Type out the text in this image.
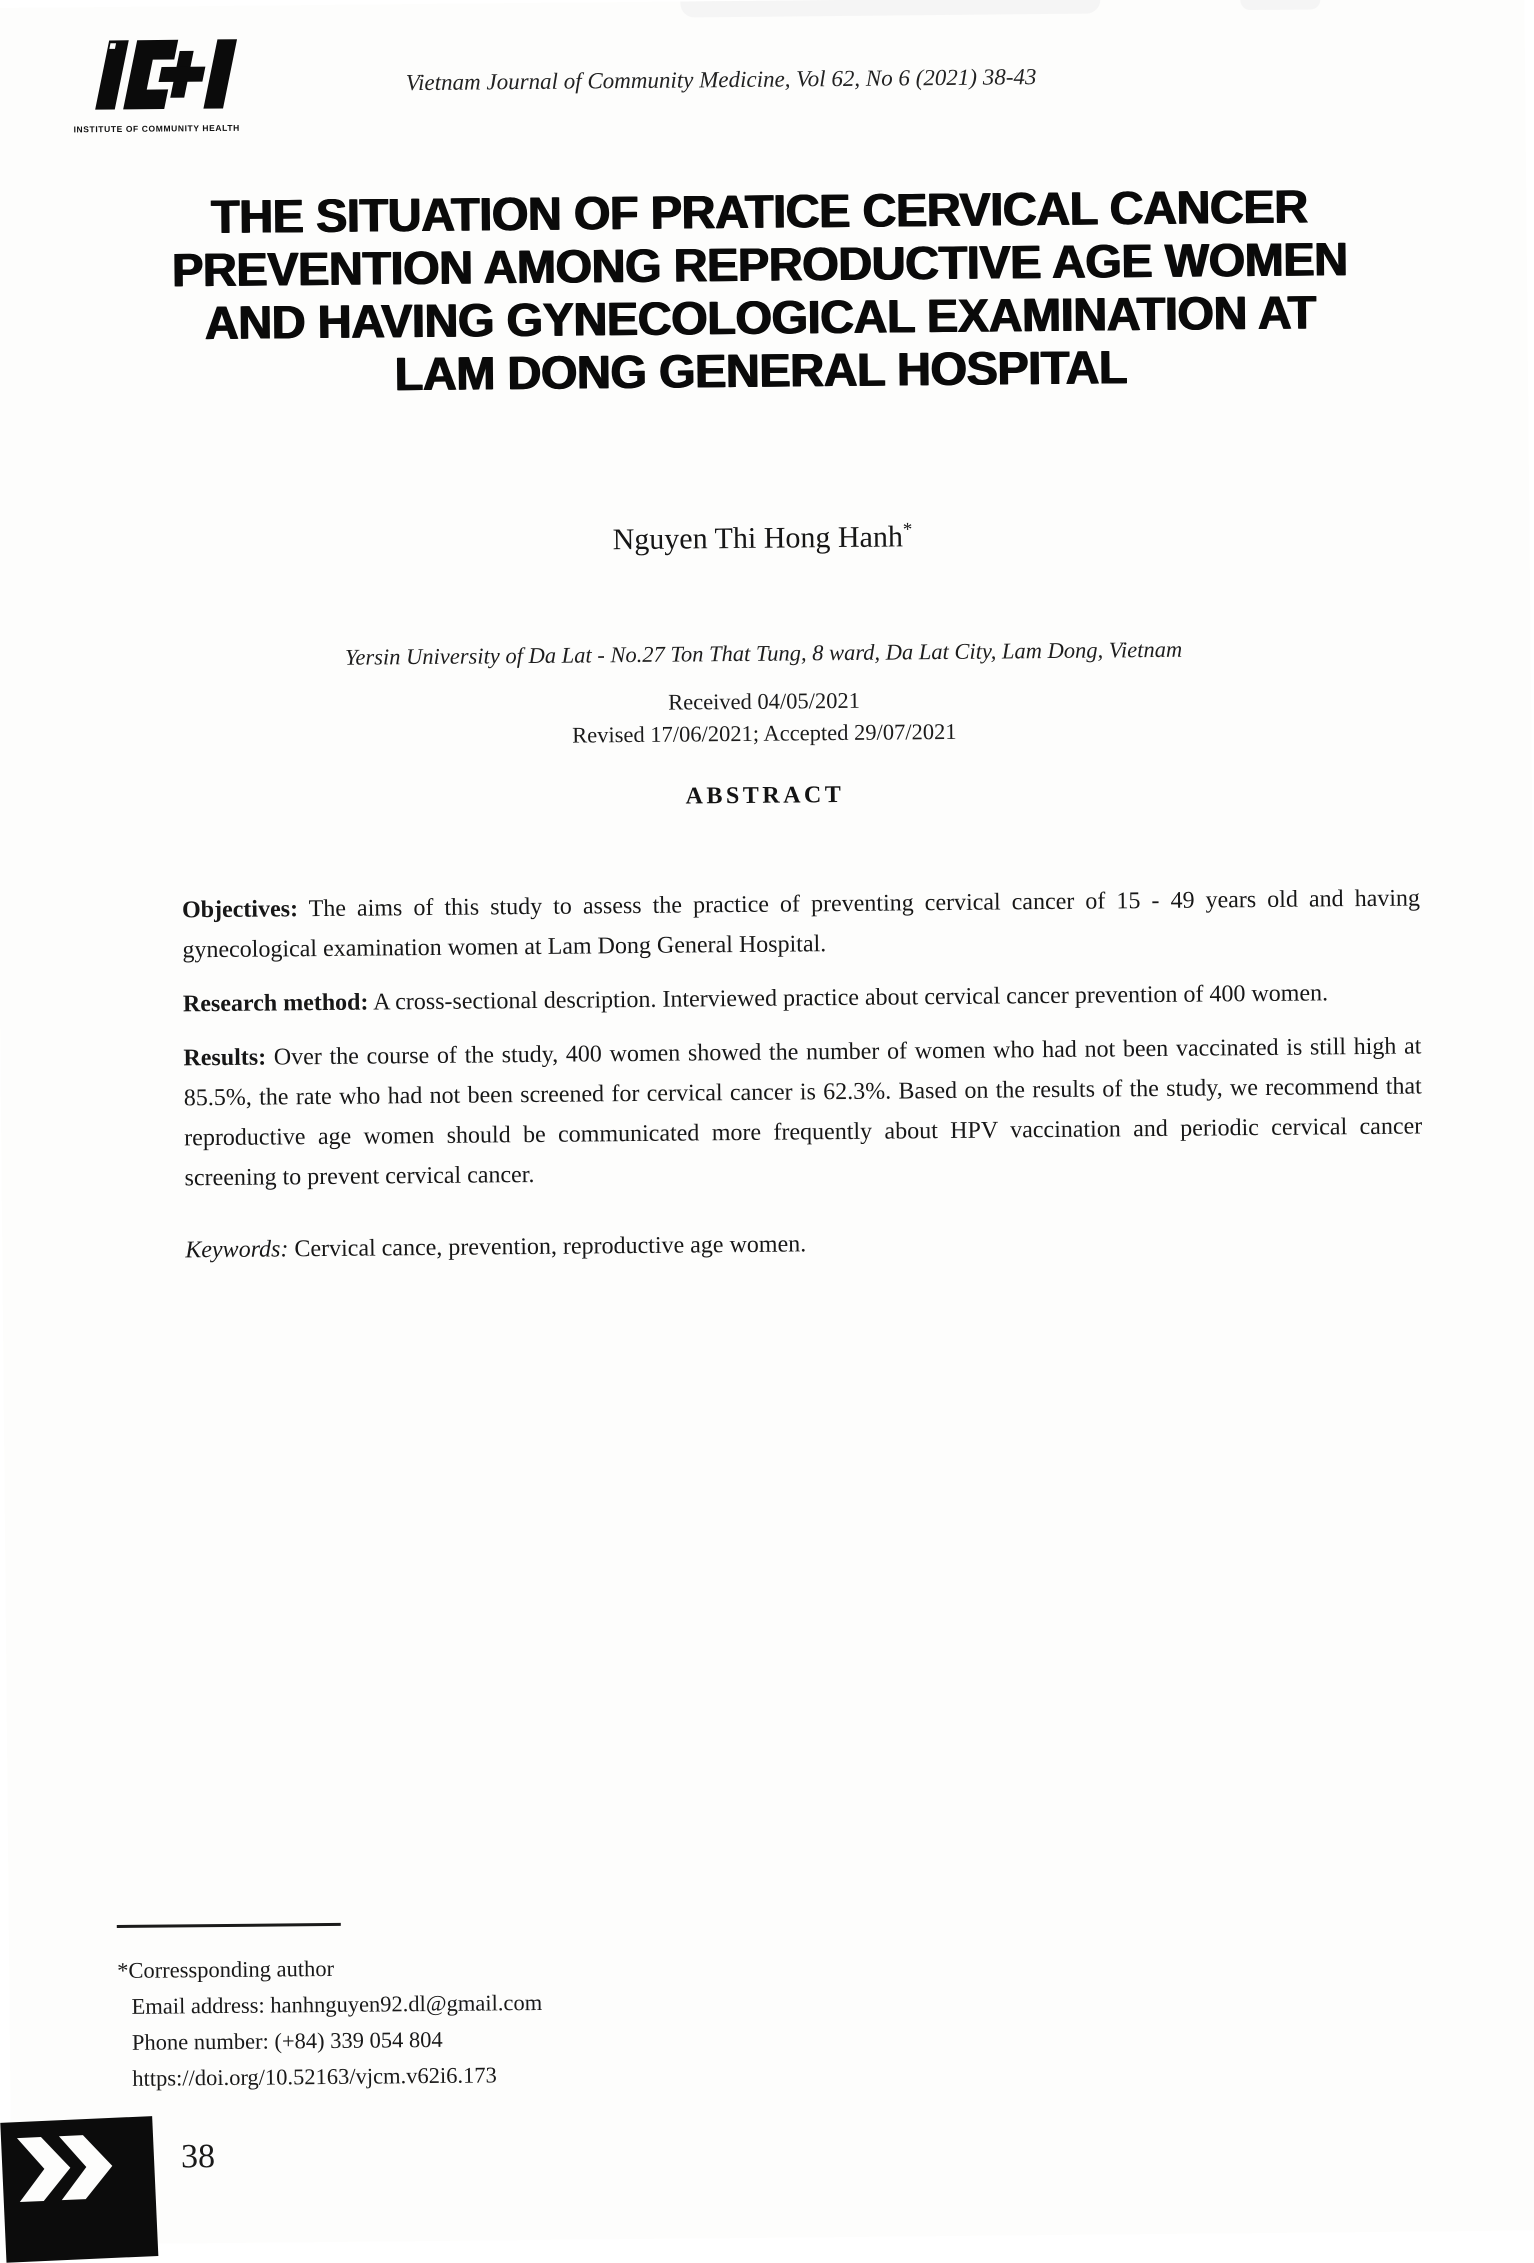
INSTITUTE OF COMMUNITY HEALTH
Vietnam Journal of Community Medicine, Vol 62, No 6 (2021) 38-43
THE SITUATION OF PRATICE CERVICAL CANCER
PREVENTION AMONG REPRODUCTIVE AGE WOMEN
AND HAVING GYNECOLOGICAL EXAMINATION AT
LAM DONG GENERAL HOSPITAL
Nguyen Thi Hong Hanh*
Yersin University of Da Lat - No.27 Ton That Tung, 8 ward, Da Lat City, Lam Dong, Vietnam
Received 04/05/2021
Revised 17/06/2021; Accepted 29/07/2021
ABSTRACT

Objectives: The aims of this study to assess the practice of preventing cervical cancer of 15 - 49 years old and having gynecological examination women at Lam Dong General Hospital.

Research method: A cross-sectional description. Interviewed practice about cervical cancer prevention of 400 women.

Results: Over the course of the study, 400 women showed the number of women who had not been vaccinated is still high at 85.5%, the rate who had not been screened for cervical cancer is 62.3%. Based on the results of the study, we recommend that reproductive age women should be communicated more frequently about HPV vaccination and periodic cervical cancer screening to prevent cervical cancer.

Keywords: Cervical cance, prevention, reproductive age women.

*Corressponding author
Email address: hanhnguyen92.dl@gmail.com
Phone number: (+84) 339 054 804
https://doi.org/10.52163/vjcm.v62i6.173
38
